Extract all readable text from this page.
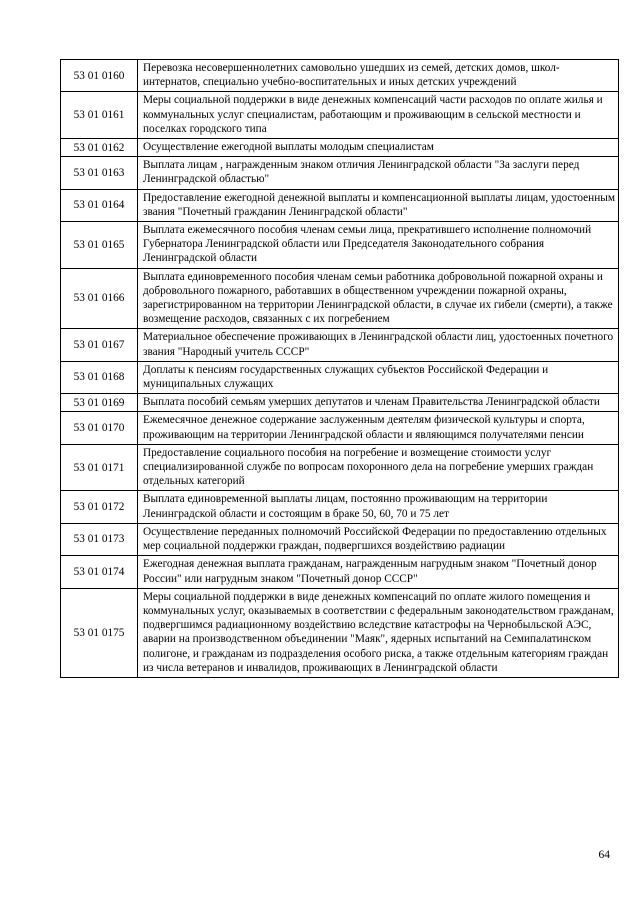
53 01 0160	Перевозка несовершеннолетних самовольно ушедших из семей, детских домов, школ-интернатов, специально учебно-воспитательных и иных детских учреждений
53 01 0161	Меры социальной поддержки в виде денежных компенсаций части расходов по оплате жилья и коммунальных услуг специалистам, работающим и проживающим в сельской местности и поселках городского типа
53 01 0162	Осуществление ежегодной выплаты молодым специалистам
53 01 0163	Выплата лицам , награжденным знаком отличия Ленинградской области "За заслуги перед Ленинградской областью"
53 01 0164	Предоставление ежегодной денежной выплаты и компенсационной выплаты лицам, удостоенным звания "Почетный гражданин Ленинградской области"
53 01 0165	Выплата ежемесячного пособия членам семьи лица, прекратившего исполнение полномочий Губернатора Ленинградской области или Председателя Законодательного собрания Ленинградской области
53 01 0166	Выплата единовременного пособия членам семьи работника добровольной пожарной охраны и добровольного пожарного, работавших в общественном учреждении пожарной охраны, зарегистрированном на территории Ленинградской области, в случае их гибели (смерти), а также возмещение расходов, связанных с их погребением
53 01 0167	Материальное обеспечение проживающих в Ленинградской области лиц, удостоенных почетного звания "Народный учитель СССР"
53 01 0168	Доплаты к пенсиям государственных служащих субъектов Российской Федерации и муниципальных служащих
53 01 0169	Выплата пособий семьям умерших депутатов и членам Правительства Ленинградской области
53 01 0170	Ежемесячное денежное содержание заслуженным деятелям физической культуры и спорта, проживающим на территории Ленинградской области и являющимся получателями пенсии
53 01 0171	Предоставление социального пособия на погребение и возмещение стоимости услуг специализированной службе по вопросам похоронного дела на погребение умерших граждан отдельных категорий
53 01 0172	Выплата единовременной выплаты лицам, постоянно проживающим на территории Ленинградской области и состоящим в браке 50, 60, 70 и 75 лет
53 01 0173	Осуществление переданных полномочий Российской Федерации по предоставлению отдельных мер социальной поддержки граждан, подвергшихся воздействию радиации
53 01 0174	Ежегодная денежная выплата гражданам, награжденным нагрудным знаком "Почетный донор России" или нагрудным знаком "Почетный донор СССР"
53 01 0175	Меры социальной поддержки в виде денежных компенсаций по оплате жилого помещения и коммунальных услуг, оказываемых в соответствии с федеральным законодательством гражданам, подвергшимся радиационному воздействию вследствие катастрофы на Чернобыльской АЭС, аварии на производственном объединении "Маяк", ядерных испытаний на Семипалатинском полигоне, и гражданам из подразделения особого риска, а также отдельным категориям граждан из числа ветеранов и инвалидов, проживающих в Ленинградской области
64
